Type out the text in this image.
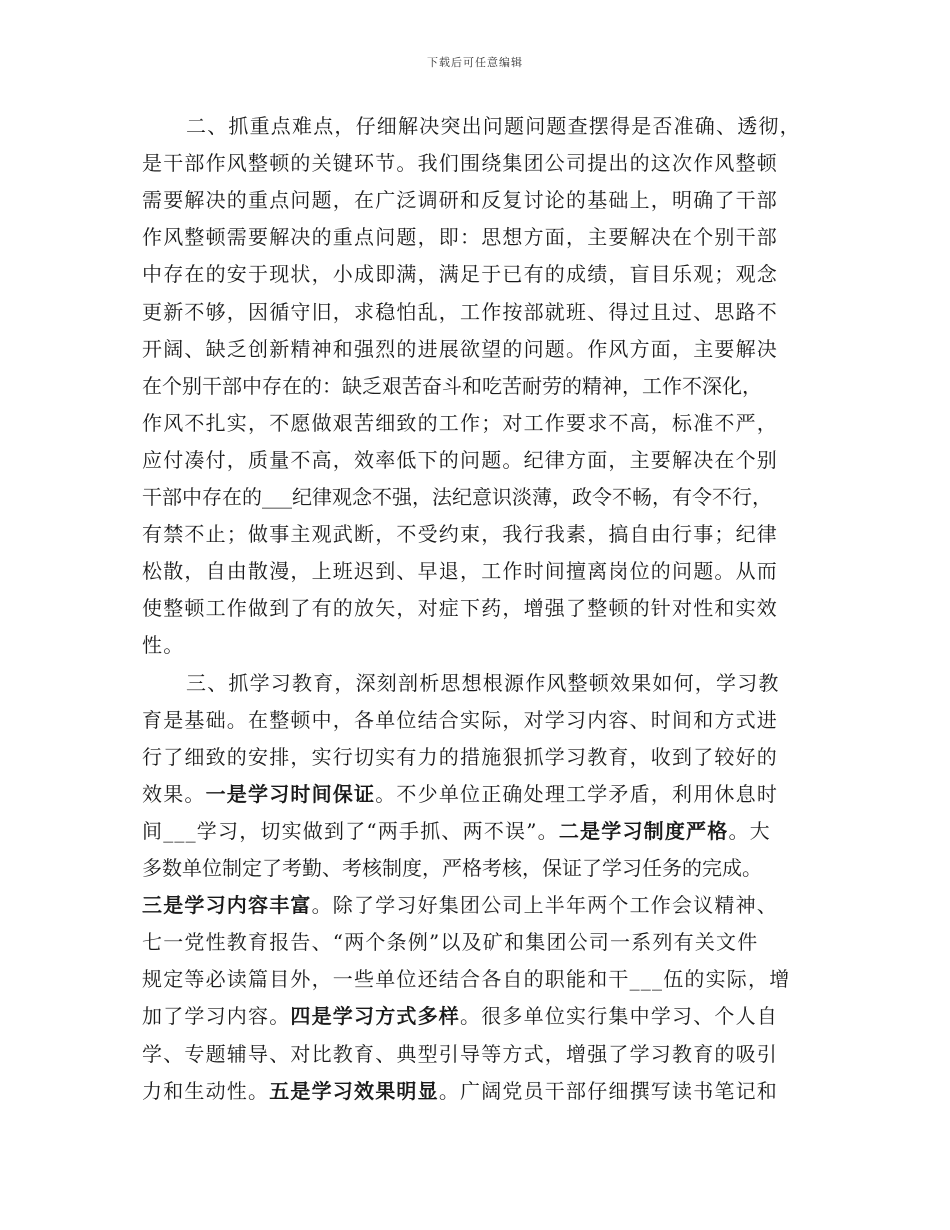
下载后可任意编辑
二、抓重点难点，仔细解决突出问题问题查摆得是否准确、透彻，
是干部作风整顿的关键环节。我们围绕集团公司提出的这次作风整顿
需要解决的重点问题，在广泛调研和反复讨论的基础上，明确了干部
作风整顿需要解决的重点问题，即：思想方面，主要解决在个别干部
中存在的安于现状，小成即满，满足于已有的成绩，盲目乐观；观念
更新不够，因循守旧，求稳怕乱，工作按部就班、得过且过、思路不
开阔、缺乏创新精神和强烈的进展欲望的问题。作风方面，主要解决
在个别干部中存在的：缺乏艰苦奋斗和吃苦耐劳的精神，工作不深化，
作风不扎实，不愿做艰苦细致的工作；对工作要求不高，标准不严，
应付凑付，质量不高，效率低下的问题。纪律方面，主要解决在个别
干部中存在的___纪律观念不强，法纪意识淡薄，政令不畅，有令不行，
有禁不止；做事主观武断，不受约束，我行我素，搞自由行事；纪律
松散，自由散漫，上班迟到、早退，工作时间擅离岗位的问题。从而
使整顿工作做到了有的放矢，对症下药，增强了整顿的针对性和实效
性。
三、抓学习教育，深刻剖析思想根源作风整顿效果如何，学习教
育是基础。在整顿中，各单位结合实际，对学习内容、时间和方式进
行了细致的安排，实行切实有力的措施狠抓学习教育，收到了较好的
效果。一是学习时间保证。不少单位正确处理工学矛盾，利用休息时
间___学习，切实做到了“两手抓、两不误”。二是学习制度严格。大
多数单位制定了考勤、考核制度，严格考核，保证了学习任务的完成。
三是学习内容丰富。除了学习好集团公司上半年两个工作会议精神、
七一党性教育报告、“两个条例”以及矿和集团公司一系列有关文件
规定等必读篇目外，一些单位还结合各自的职能和干___伍的实际，增
加了学习内容。四是学习方式多样。很多单位实行集中学习、个人自
学、专题辅导、对比教育、典型引导等方式，增强了学习教育的吸引
力和生动性。五是学习效果明显。广阔党员干部仔细撰写读书笔记和
